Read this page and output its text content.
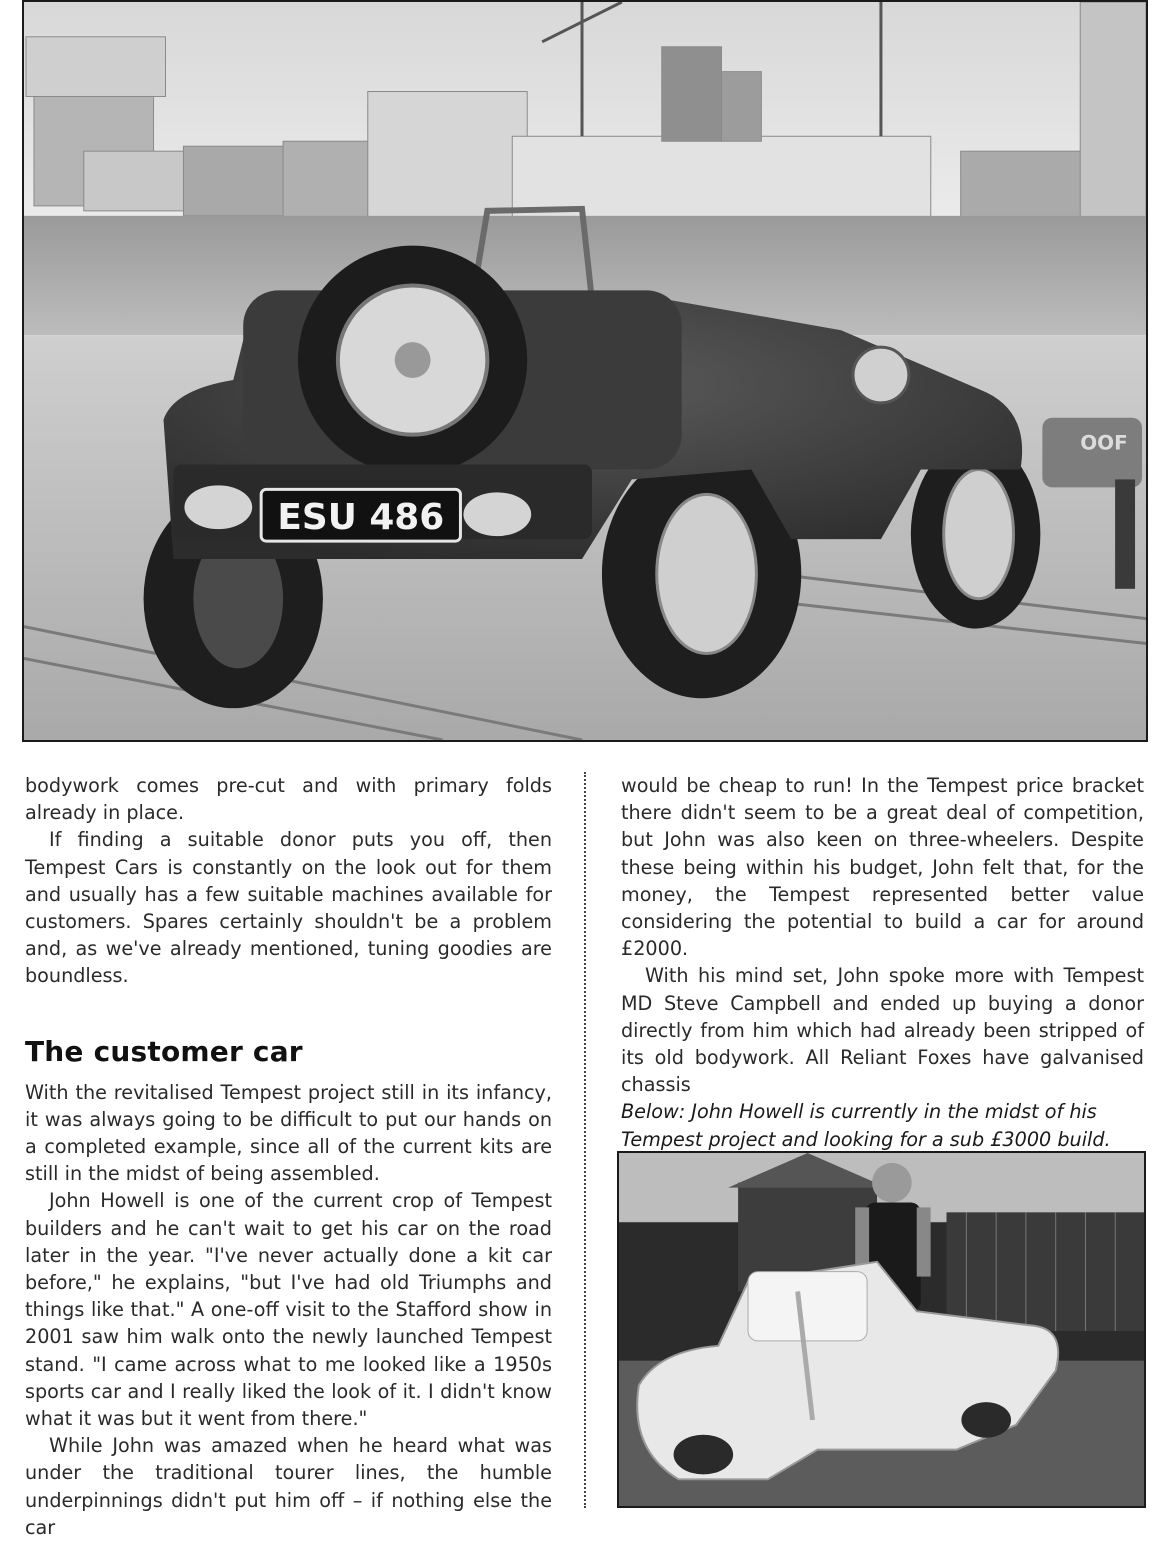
OOF
ESU 486

bodywork comes pre-cut and with primary folds already in place.

If finding a suitable donor puts you off, then Tempest Cars is constantly on the look out for them and usually has a few suitable machines available for customers. Spares certainly shouldn't be a problem and, as we've already mentioned, tuning goodies are boundless.

The customer car

With the revitalised Tempest project still in its infancy, it was always going to be difficult to put our hands on a completed example, since all of the current kits are still in the midst of being assembled.

John Howell is one of the current crop of Tempest builders and he can't wait to get his car on the road later in the year. "I've never actually done a kit car before," he explains, "but I've had old Triumphs and things like that." A one-off visit to the Stafford show in 2001 saw him walk onto the newly launched Tempest stand. "I came across what to me looked like a 1950s sports car and I really liked the look of it. I didn't know what it was but it went from there."

While John was amazed when he heard what was under the traditional tourer lines, the humble underpinnings didn't put him off – if nothing else the car

would be cheap to run! In the Tempest price bracket there didn't seem to be a great deal of competition, but John was also keen on three-wheelers. Despite these being within his budget, John felt that, for the money, the Tempest represented better value considering the potential to build a car for around £2000.

With his mind set, John spoke more with Tempest MD Steve Campbell and ended up buying a donor directly from him which had already been stripped of its old bodywork. All Reliant Foxes have galvanised chassis

Below: John Howell is currently in the midst of his Tempest project and looking for a sub £3000 build.
